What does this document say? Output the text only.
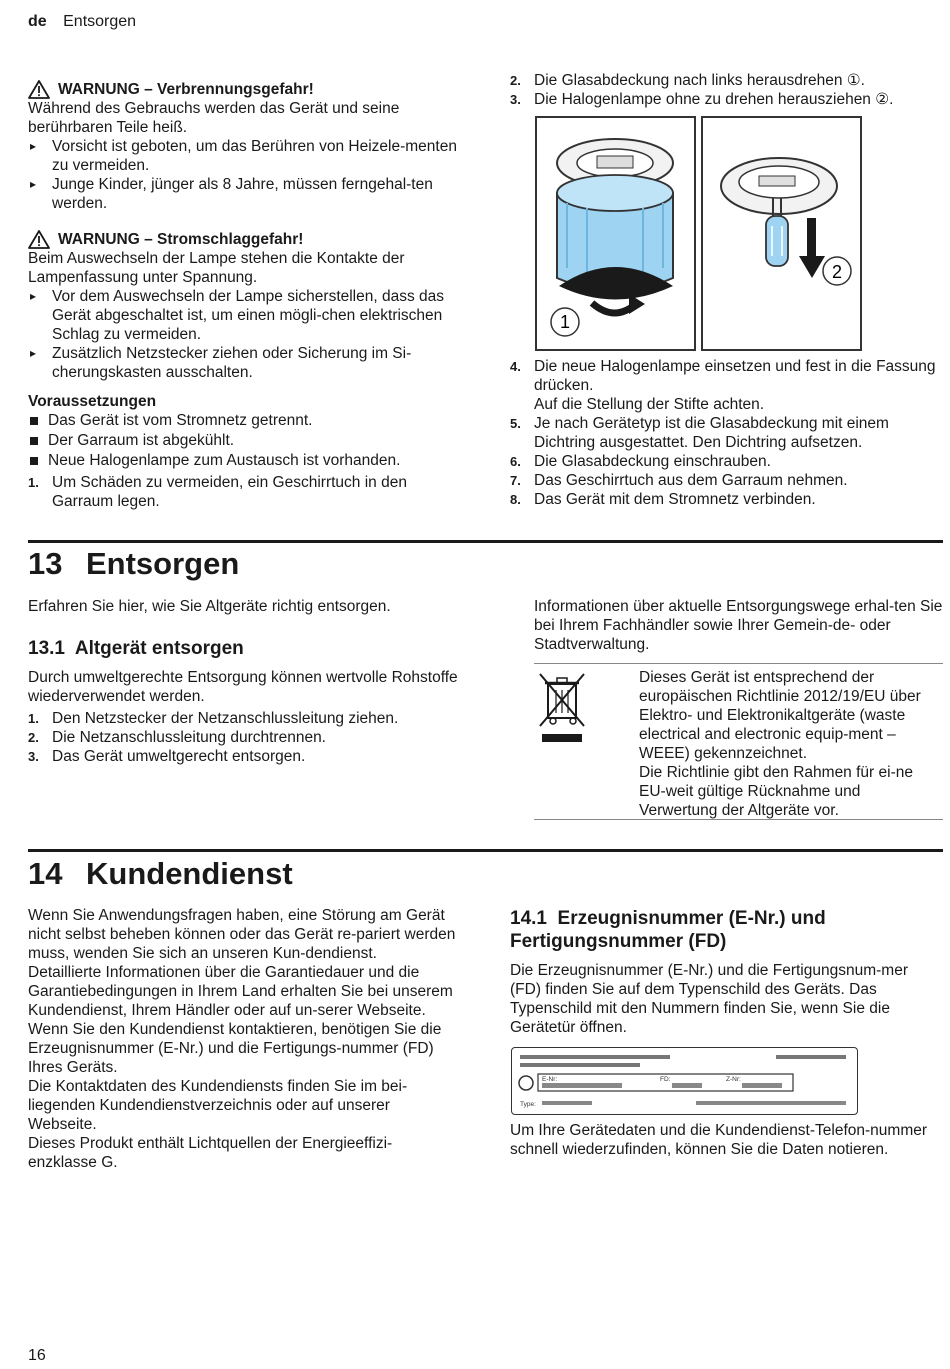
de Entsorgen
WARNUNG – Verbrennungsgefahr!

Während des Gebrauchs werden das Gerät und seine berührbaren Teile heiß.

▸ Vorsicht ist geboten, um das Berühren von Heizele-menten zu vermeiden.
▸ Junge Kinder, jünger als 8 Jahre, müssen ferngehal-ten werden.
WARNUNG – Stromschlaggefahr!

Beim Auswechseln der Lampe stehen die Kontakte der Lampenfassung unter Spannung.

▸ Vor dem Auswechseln der Lampe sicherstellen, dass das Gerät abgeschaltet ist, um einen mögli-chen elektrischen Schlag zu vermeiden.
▸ Zusätzlich Netzstecker ziehen oder Sicherung im Si-cherungskasten ausschalten.
Voraussetzungen
Das Gerät ist vom Stromnetz getrennt.
Der Garraum ist abgekühlt.
Neue Halogenlampe zum Austausch ist vorhanden.
1. Um Schäden zu vermeiden, ein Geschirrtuch in den Garraum legen.
2. Die Glasabdeckung nach links herausdrehen ①.
3. Die Halogenlampe ohne zu drehen herausziehen ②.
1
2
4. Die neue Halogenlampe einsetzen und fest in die Fassung drücken.
Auf die Stellung der Stifte achten.
5. Je nach Gerätetyp ist die Glasabdeckung mit einem Dichtring ausgestattet. Den Dichtring aufsetzen.
6. Die Glasabdeckung einschrauben.
7. Das Geschirrtuch aus dem Garraum nehmen.
8. Das Gerät mit dem Stromnetz verbinden.
13 Entsorgen

Erfahren Sie hier, wie Sie Altgeräte richtig entsorgen.

13.1 Altgerät entsorgen

Durch umweltgerechte Entsorgung können wertvolle Rohstoffe wiederverwendet werden.

1. Den Netzstecker der Netzanschlussleitung ziehen.
2. Die Netzanschlussleitung durchtrennen.
3. Das Gerät umweltgerecht entsorgen.

Informationen über aktuelle Entsorgungswege erhal-ten Sie bei Ihrem Fachhändler sowie Ihrer Gemein-de- oder Stadtverwaltung.

Dieses Gerät ist entsprechend der europäischen Richtlinie 2012/19/EU über Elektro- und Elektronikaltgeräte (waste electrical and electronic equip-ment – WEEE) gekennzeichnet.

Die Richtlinie gibt den Rahmen für ei-ne EU-weit gültige Rücknahme und Verwertung der Altgeräte vor.

14 Kundendienst

Wenn Sie Anwendungsfragen haben, eine Störung am Gerät nicht selbst beheben können oder das Gerät re-pariert werden muss, wenden Sie sich an unseren Kun-dendienst.

Detaillierte Informationen über die Garantiedauer und die Garantiebedingungen in Ihrem Land erhalten Sie bei unserem Kundendienst, Ihrem Händler oder auf un-serer Webseite.

Wenn Sie den Kundendienst kontaktieren, benötigen Sie die Erzeugnisnummer (E-Nr.) und die Fertigungs-nummer (FD) Ihres Geräts.

Die Kontaktdaten des Kundendiensts finden Sie im bei-liegenden Kundendienstverzeichnis oder auf unserer Webseite.

Dieses Produkt enthält Lichtquellen der Energieeffizi-enzklasse G.

14.1 Erzeugnisnummer (E-Nr.) und
Fertigungsnummer (FD)

Die Erzeugnisnummer (E-Nr.) und die Fertigungsnum-mer (FD) finden Sie auf dem Typenschild des Geräts. Das Typenschild mit den Nummern finden Sie, wenn Sie die Gerätetür öffnen.

E-Nr:	FD:	Z-Nr:
Type:

Um Ihre Gerätedaten und die Kundendienst-Telefon-nummer schnell wiederzufinden, können Sie die Daten notieren.

16
